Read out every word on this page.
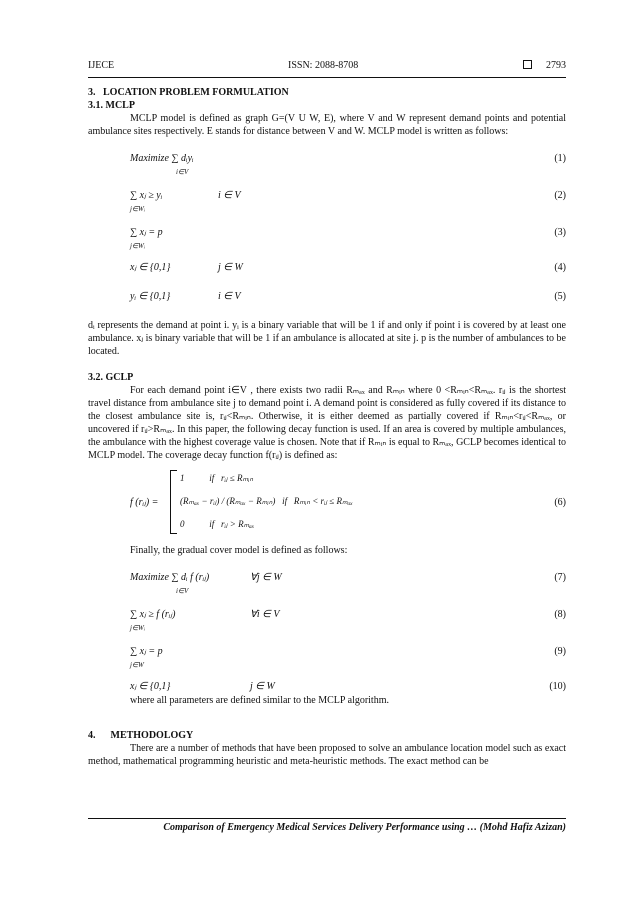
IJECE	ISSN: 2088-8708	2793
3.   LOCATION PROBLEM FORMULATION
3.1. MCLP

MCLP model is defined as graph G=(V U W, E), where V and W represent demand points and potential ambulance sites respectively. E stands for distance between V and W. MCLP model is written as follows:

Maximize ∑ dᵢyᵢ
i∈V
(1)
∑ xⱼ ≥ yᵢ
j∈Wᵢ
i ∈ V	(2)
∑ xⱼ = p
j∈Wᵢ
(3)
xⱼ ∈ {0,1}	j ∈ W	(4)
yᵢ ∈ {0,1}	i ∈ V	(5)

dᵢ represents the demand at point i. yᵢ is a binary variable that will be 1 if and only if point i is covered by at least one ambulance. xⱼ is binary variable that will be 1 if an ambulance is allocated at site j. p is the number of ambulances to be located.

3.2. GCLP

For each demand point i∈V , there exists two radii Rₘₐₓ and Rₘᵢₙ where 0 <Rₘᵢₙ<Rₘₐₓ. rᵢⱼ is the shortest travel distance from ambulance site j to demand point i. A demand point is considered as fully covered if its distance to the closest ambulance site is, rᵢⱼ<Rₘᵢₙ. Otherwise, it is either deemed as partially covered if Rₘᵢₙ<rᵢⱼ<Rₘₐₓ, or uncovered if rᵢⱼ>Rₘₐₓ. In this paper, the following decay function is used. If an area is covered by multiple ambulances, the ambulance with the highest coverage value is chosen. Note that if Rₘᵢₙ is equal to Rₘₐₓ, GCLP becomes identical to MCLP model. The coverage decay function f(rᵢⱼ) is defined as:

f (rᵢⱼ) =
1           if   rᵢⱼ ≤ Rₘᵢₙ
(Rₘₐₓ − rᵢⱼ) / (Rₘₐₓ − Rₘᵢₙ)   if   Rₘᵢₙ < rᵢⱼ ≤ Rₘₐₓ
0           if   rᵢⱼ > Rₘₐₓ
(6)

Finally, the gradual cover model is defined as follows:

Maximize ∑ dᵢ f (rᵢⱼ)
i∈V
∀j ∈ W	(7)
∑ xⱼ ≥ f (rᵢⱼ)
j∈Wᵢ
∀i ∈ V	(8)
∑ xⱼ = p
j∈W
(9)
xⱼ ∈ {0,1}	j ∈ W	(10)

where all parameters are defined similar to the MCLP algorithm.

4.      METHODOLOGY

There are a number of methods that have been proposed to solve an ambulance location model such as exact method, mathematical programming heuristic and meta-heuristic methods. The exact method can be

Comparison of Emergency Medical Services Delivery Performance using … (Mohd Hafiz Azizan)
